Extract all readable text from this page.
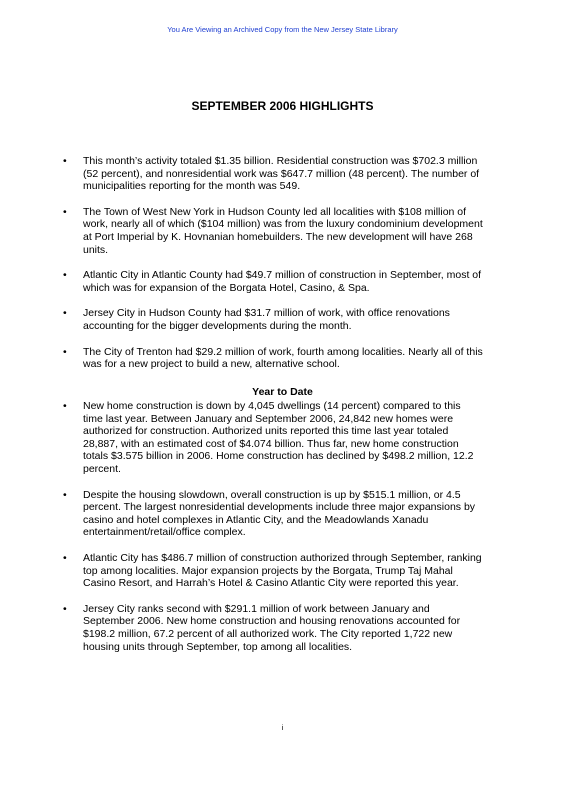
You Are Viewing an Archived Copy from the New Jersey State Library
SEPTEMBER 2006 HIGHLIGHTS
• This month’s activity totaled $1.35 billion. Residential construction was $702.3 million (52 percent), and nonresidential work was $647.7 million (48 percent). The number of municipalities reporting for the month was 549.
• The Town of West New York in Hudson County led all localities with $108 million of work, nearly all of which ($104 million) was from the luxury condominium development at Port Imperial by K. Hovnanian homebuilders. The new development will have 268 units.
• Atlantic City in Atlantic County had $49.7 million of construction in September, most of which was for expansion of the Borgata Hotel, Casino, & Spa.
• Jersey City in Hudson County had $31.7 million of work, with office renovations accounting for the bigger developments during the month.
• The City of Trenton had $29.2 million of work, fourth among localities. Nearly all of this was for a new project to build a new, alternative school.
Year to Date
• New home construction is down by 4,045 dwellings (14 percent) compared to this time last year. Between January and September 2006, 24,842 new homes were authorized for construction. Authorized units reported this time last year totaled 28,887, with an estimated cost of $4.074 billion. Thus far, new home construction totals $3.575 billion in 2006. Home construction has declined by $498.2 million, 12.2 percent.
• Despite the housing slowdown, overall construction is up by $515.1 million, or 4.5 percent. The largest nonresidential developments include three major expansions by casino and hotel complexes in Atlantic City, and the Meadowlands Xanadu entertainment/retail/office complex.
• Atlantic City has $486.7 million of construction authorized through September, ranking top among localities. Major expansion projects by the Borgata, Trump Taj Mahal Casino Resort, and Harrah’s Hotel & Casino Atlantic City were reported this year.
• Jersey City ranks second with $291.1 million of work between January and September 2006. New home construction and housing renovations accounted for $198.2 million, 67.2 percent of all authorized work. The City reported 1,722 new housing units through September, top among all localities.
i
